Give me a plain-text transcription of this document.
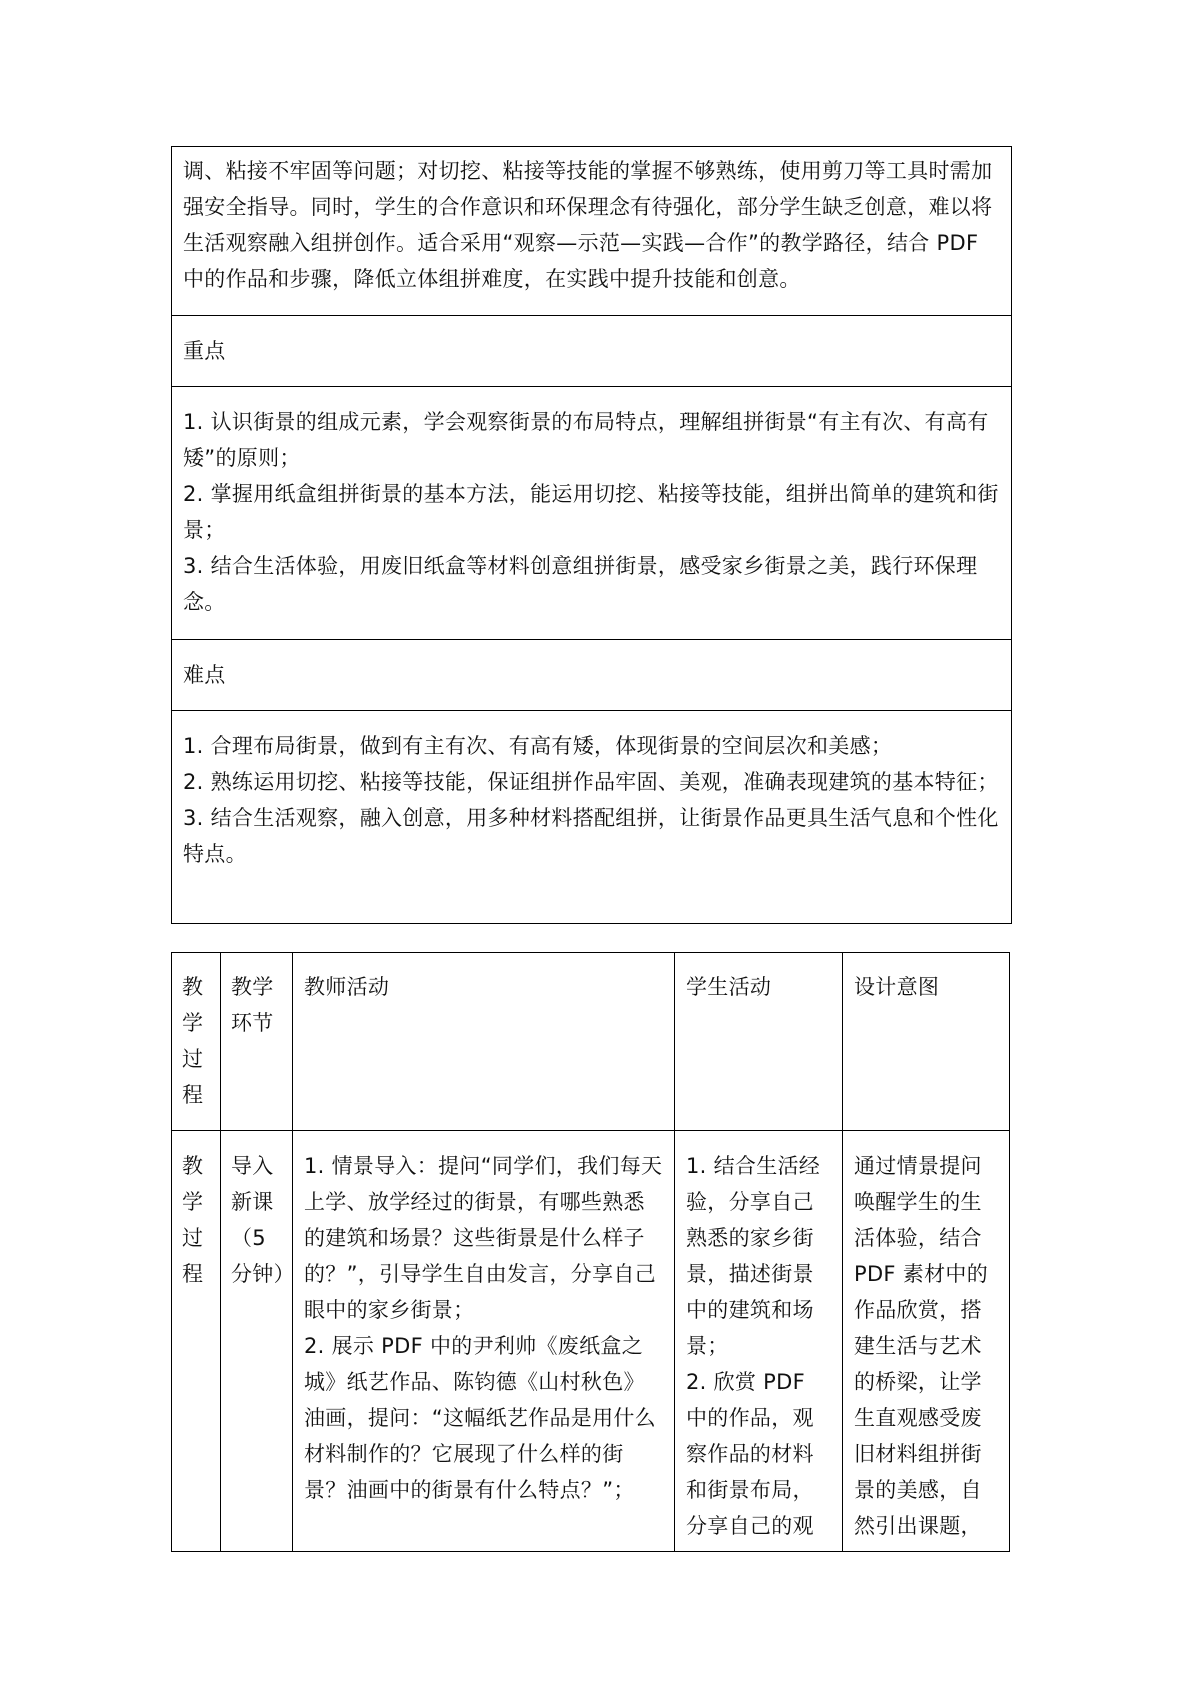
调、粘接不牢固等问题；对切挖、粘接等技能的掌握不够熟练，使用剪刀等工具时需加强安全指导。同时，学生的合作意识和环保理念有待强化，部分学生缺乏创意，难以将生活观察融入组拼创作。适合采用“观察—示范—实践—合作”的教学路径，结合 PDF 中的作品和步骤，降低立体组拼难度，在实践中提升技能和创意。

重点

1. 认识街景的组成元素，学会观察街景的布局特点，理解组拼街景“有主有次、有高有矮”的原则；

2. 掌握用纸盒组拼街景的基本方法，能运用切挖、粘接等技能，组拼出简单的建筑和街景；

3. 结合生活体验，用废旧纸盒等材料创意组拼街景，感受家乡街景之美，践行环保理念。

难点

1. 合理布局街景，做到有主有次、有高有矮，体现街景的空间层次和美感；

2. 熟练运用切挖、粘接等技能，保证组拼作品牢固、美观，准确表现建筑的基本特征；

3. 结合生活观察，融入创意，用多种材料搭配组拼，让街景作品更具生活气息和个性化特点。

教学过程

教学环节

教师活动	学生活动	设计意图

教学过程

导入新课（5分钟）

1. 情景导入：提问“同学们，我们每天上学、放学经过的街景，有哪些熟悉的建筑和场景？这些街景是什么样子的？”，引导学生自由发言，分享自己眼中的家乡街景；

2. 展示 PDF 中的尹利帅《废纸盒之城》纸艺作品、陈钧德《山村秋色》油画，提问：“这幅纸艺作品是用什么材料制作的？它展现了什么样的街景？油画中的街景有什么特点？”；

1. 结合生活经验，分享自己熟悉的家乡街景，描述街景中的建筑和场景；

2. 欣赏 PDF 中的作品，观察作品的材料和街景布局，分享自己的观

通过情景提问唤醒学生的生活体验，结合 PDF 素材中的作品欣赏，搭建生活与艺术的桥梁，让学生直观感受废旧材料组拼街景的美感，自然引出课题，
